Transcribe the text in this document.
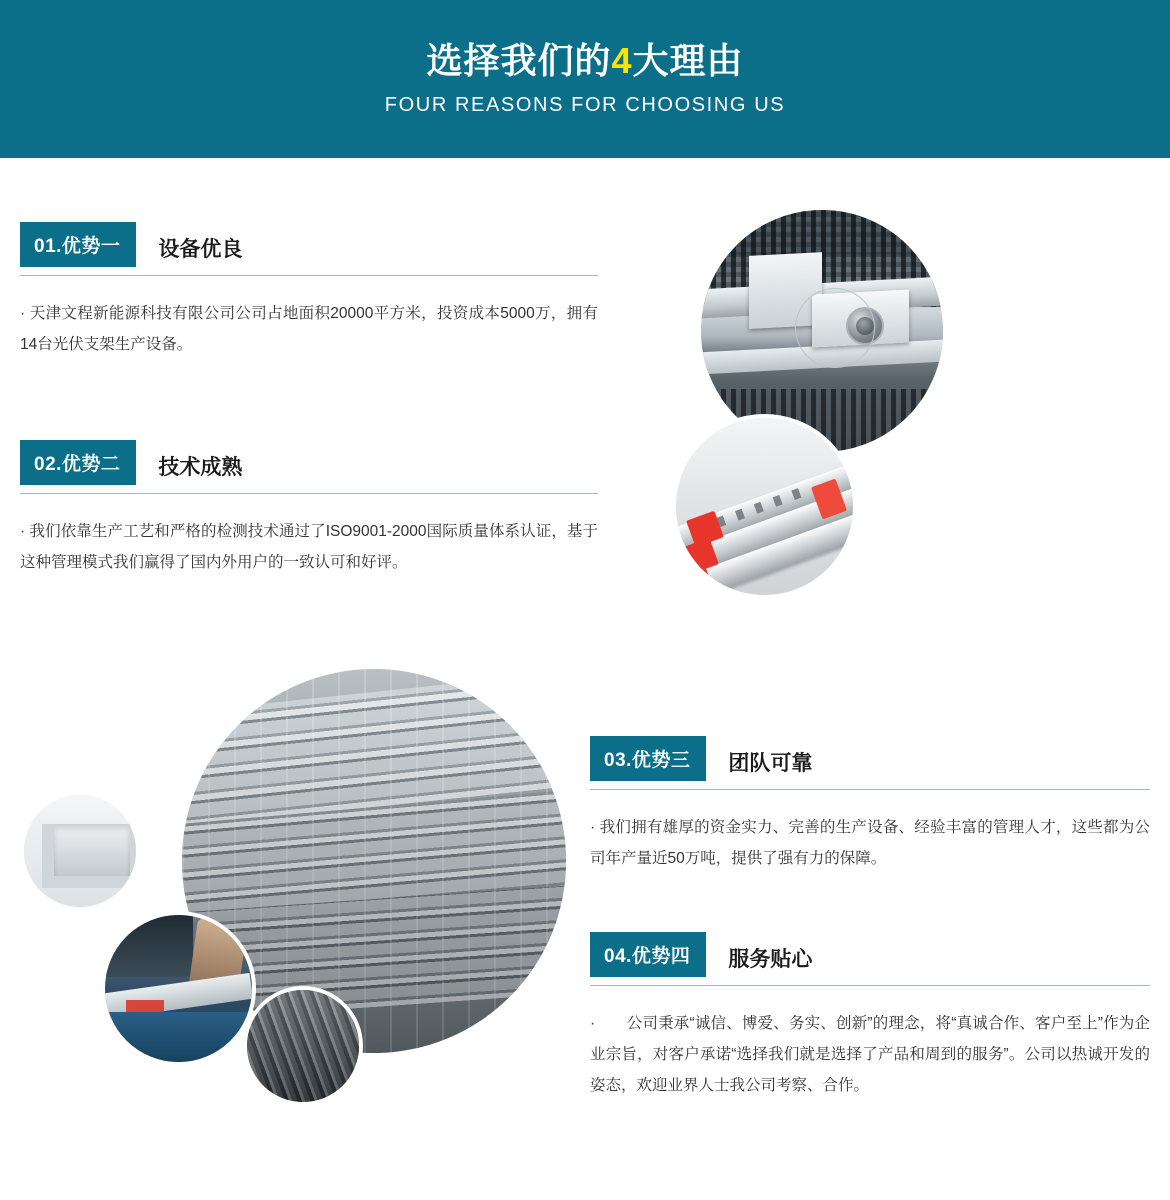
选择我们的4大理由
FOUR REASONS FOR CHOOSING US
01.优势一	设备优良
· 天津文程新能源科技有限公司公司占地面积20000平方米，投资成本5000万，拥有14台光伏支架生产设备。
02.优势二	技术成熟
· 我们依靠生产工艺和严格的检测技术通过了ISO9001-2000国际质量体系认证，基于这种管理模式我们赢得了国内外用户的一致认可和好评。
03.优势三	团队可靠
· 我们拥有雄厚的资金实力、完善的生产设备、经验丰富的管理人才，这些都为公司年产量近50万吨，提供了强有力的保障。
04.优势四	服务贴心
·　　公司秉承“诚信、博爱、务实、创新”的理念，将“真诚合作、客户至上”作为企业宗旨，对客户承诺“选择我们就是选择了产品和周到的服务”。公司以热诚开发的姿态，欢迎业界人士我公司考察、合作。
